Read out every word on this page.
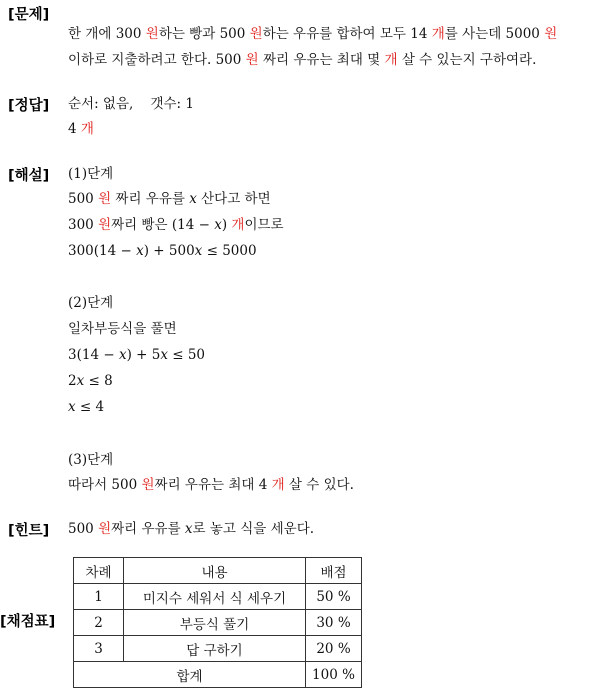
[문제]
한 개에 300 원하는 빵과 500 원하는 우유를 합하여 모두 14 개를 사는데 5000 원
이하로 지출하려고 한다. 500 원 짜리 우유는 최대 몇 개 살 수 있는지 구하여라.
[정답] 순서: 없음,    갯수: 1
4 개
[해설] (1)단계
500 원 짜리 우유를 x 산다고 하면
300 원짜리 빵은 (14 − x) 개이므로
300(14 − x) + 500x ≤ 5000
(2)단계
일차부등식을 풀면
3(14 − x) + 5x ≤ 50
2x ≤ 8
x ≤ 4
(3)단계
따라서 500 원짜리 우유는 최대 4 개 살 수 있다.
[힌트] 500 원짜리 우유를 x로 놓고 식을 세운다.
[채점표]
차례	내용	배점
1	미지수 세워서 식 세우기	50 %
2	부등식 풀기	30 %
3	답 구하기	20 %
합계		100 %
